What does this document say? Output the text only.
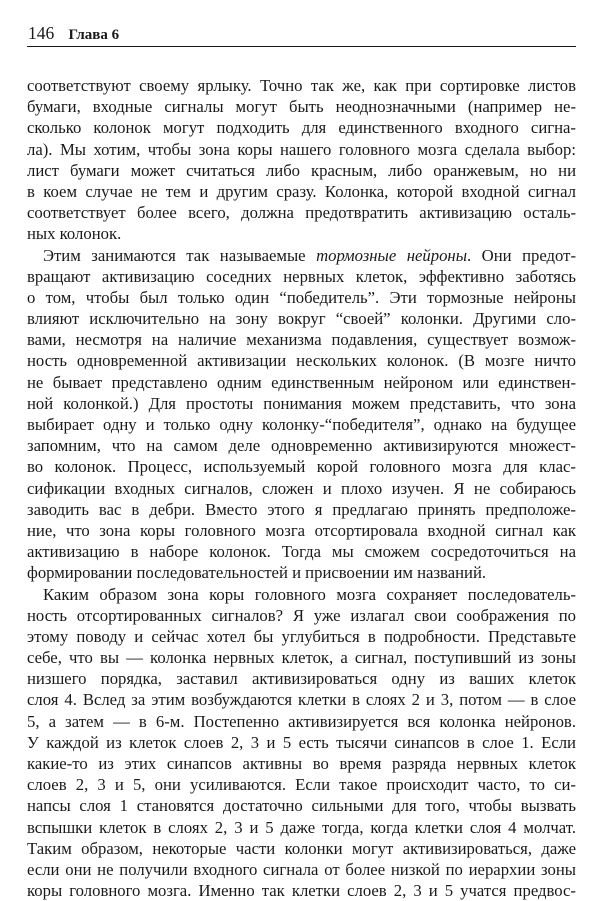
146 Глава 6
соответствуют своему ярлыку. Точно так же, как при сортировке листов
бумаги, входные сигналы могут быть неоднозначными (например не-
сколько колонок могут подходить для единственного входного сигна-
ла). Мы хотим, чтобы зона коры нашего головного мозга сделала выбор:
лист бумаги может считаться либо красным, либо оранжевым, но ни
в коем случае не тем и другим сразу. Колонка, которой входной сигнал
соответствует более всего, должна предотвратить активизацию осталь-
ных колонок.
Этим занимаются так называемые тормозные нейроны. Они предот-
вращают активизацию соседних нервных клеток, эффективно заботясь
о том, чтобы был только один “победитель”. Эти тормозные нейроны
влияют исключительно на зону вокруг “своей” колонки. Другими сло-
вами, несмотря на наличие механизма подавления, существует возмож-
ность одновременной активизации нескольких колонок. (В мозге ничто
не бывает представлено одним единственным нейроном или единствен-
ной колонкой.) Для простоты понимания можем представить, что зона
выбирает одну и только одну колонку-“победителя”, однако на будущее
запомним, что на самом деле одновременно активизируются множест-
во колонок. Процесс, используемый корой головного мозга для клас-
сификации входных сигналов, сложен и плохо изучен. Я не собираюсь
заводить вас в дебри. Вместо этого я предлагаю принять предположе-
ние, что зона коры головного мозга отсортировала входной сигнал как
активизацию в наборе колонок. Тогда мы сможем сосредоточиться на
формировании последовательностей и присвоении им названий.
Каким образом зона коры головного мозга сохраняет последователь-
ность отсортированных сигналов? Я уже излагал свои соображения по
этому поводу и сейчас хотел бы углубиться в подробности. Представьте
себе, что вы — колонка нервных клеток, а сигнал, поступивший из зоны
низшего порядка, заставил активизироваться одну из ваших клеток
слоя 4. Вслед за этим возбуждаются клетки в слоях 2 и 3, потом — в слое
5, а затем — в 6-м. Постепенно активизируется вся колонка нейронов.
У каждой из клеток слоев 2, 3 и 5 есть тысячи синапсов в слое 1. Если
какие-то из этих синапсов активны во время разряда нервных клеток
слоев 2, 3 и 5, они усиливаются. Если такое происходит часто, то си-
напсы слоя 1 становятся достаточно сильными для того, чтобы вызвать
вспышки клеток в слоях 2, 3 и 5 даже тогда, когда клетки слоя 4 молчат.
Таким образом, некоторые части колонки могут активизироваться, даже
если они не получили входного сигнала от более низкой по иерархии зоны
коры головного мозга. Именно так клетки слоев 2, 3 и 5 учатся предвос-
